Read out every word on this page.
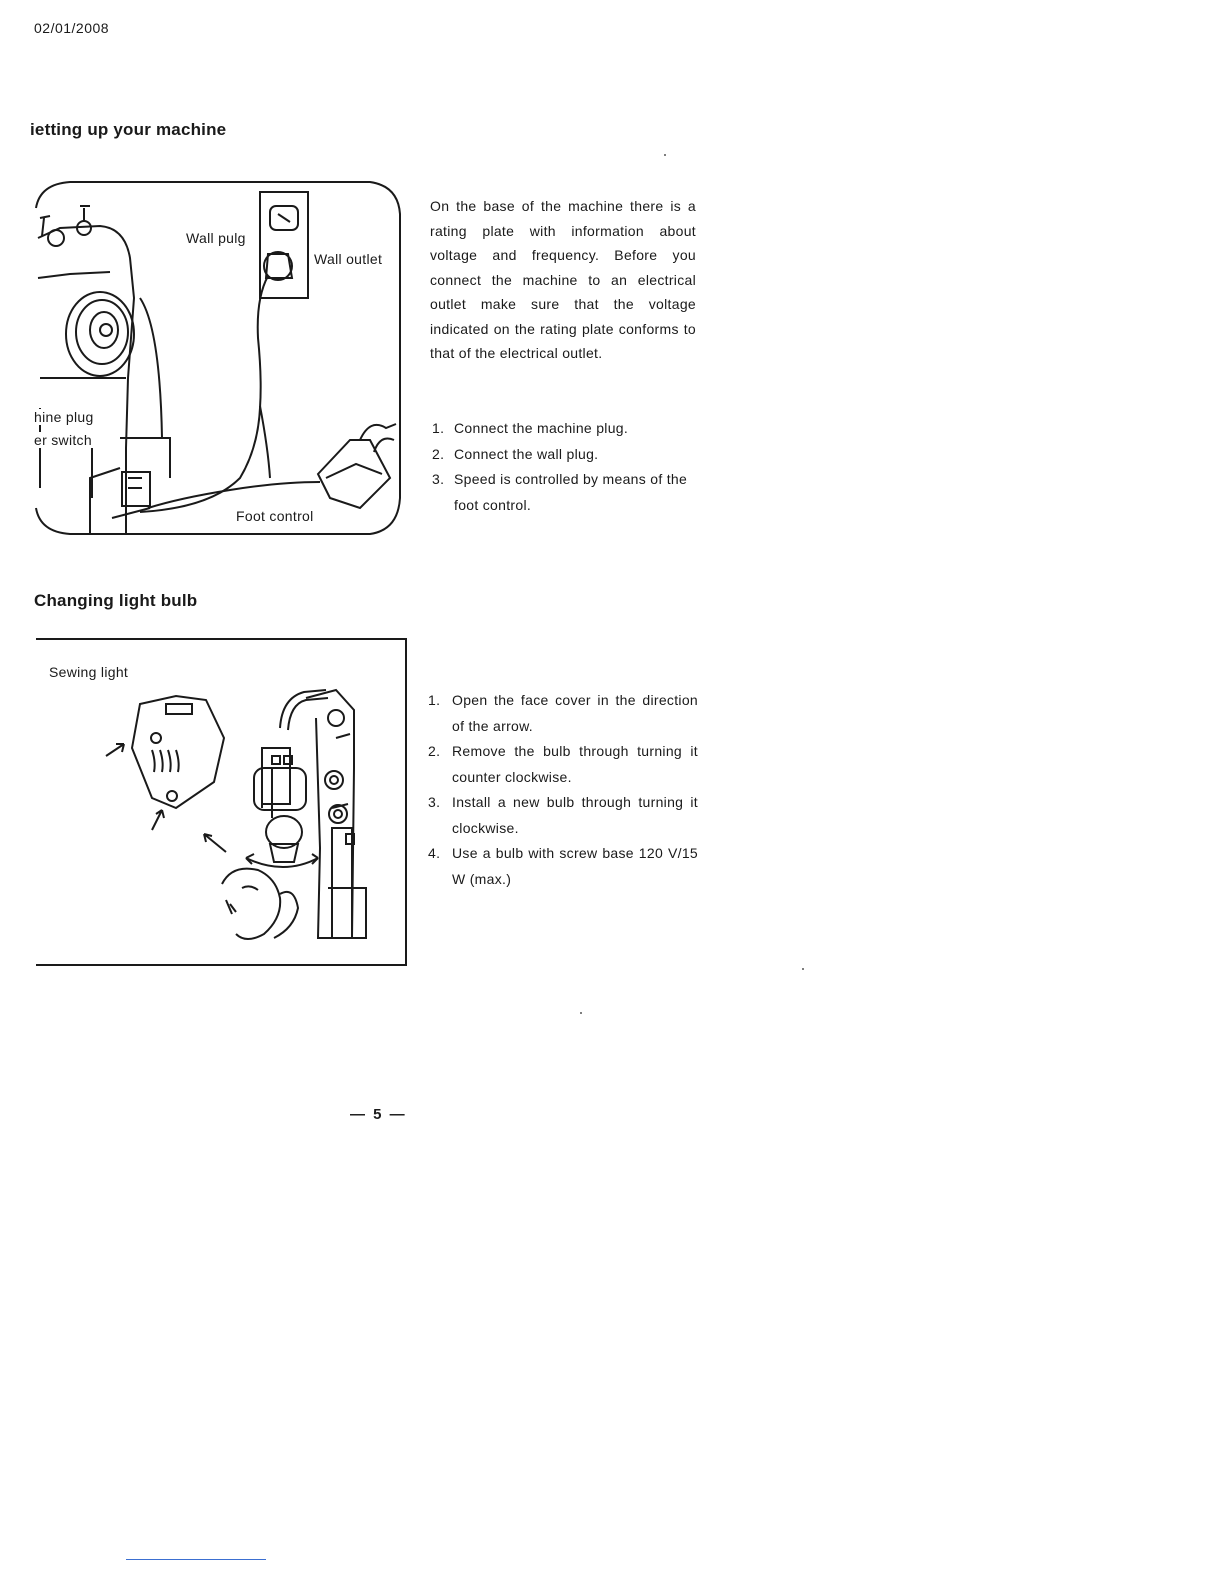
02/01/2008
ietting up your machine
Wall pulg
Wall outlet
hine plug
er switch
Foot control
On the base of the machine there is a rating plate with information about voltage and frequency. Before you connect the machine to an electrical outlet make sure that the voltage indicated on the rating plate conforms to that of the electrical outlet.
1. Connect the machine plug.
2. Connect the wall plug.
3. Speed is controlled by means of the foot control.
Changing light bulb
Sewing light
1. Open the face cover in the direction of the arrow.
2. Remove the bulb through turning it counter clockwise.
3. Install a new bulb through turning it clockwise.
4. Use a bulb with screw base 120 V/15 W (max.)
— 5 —
